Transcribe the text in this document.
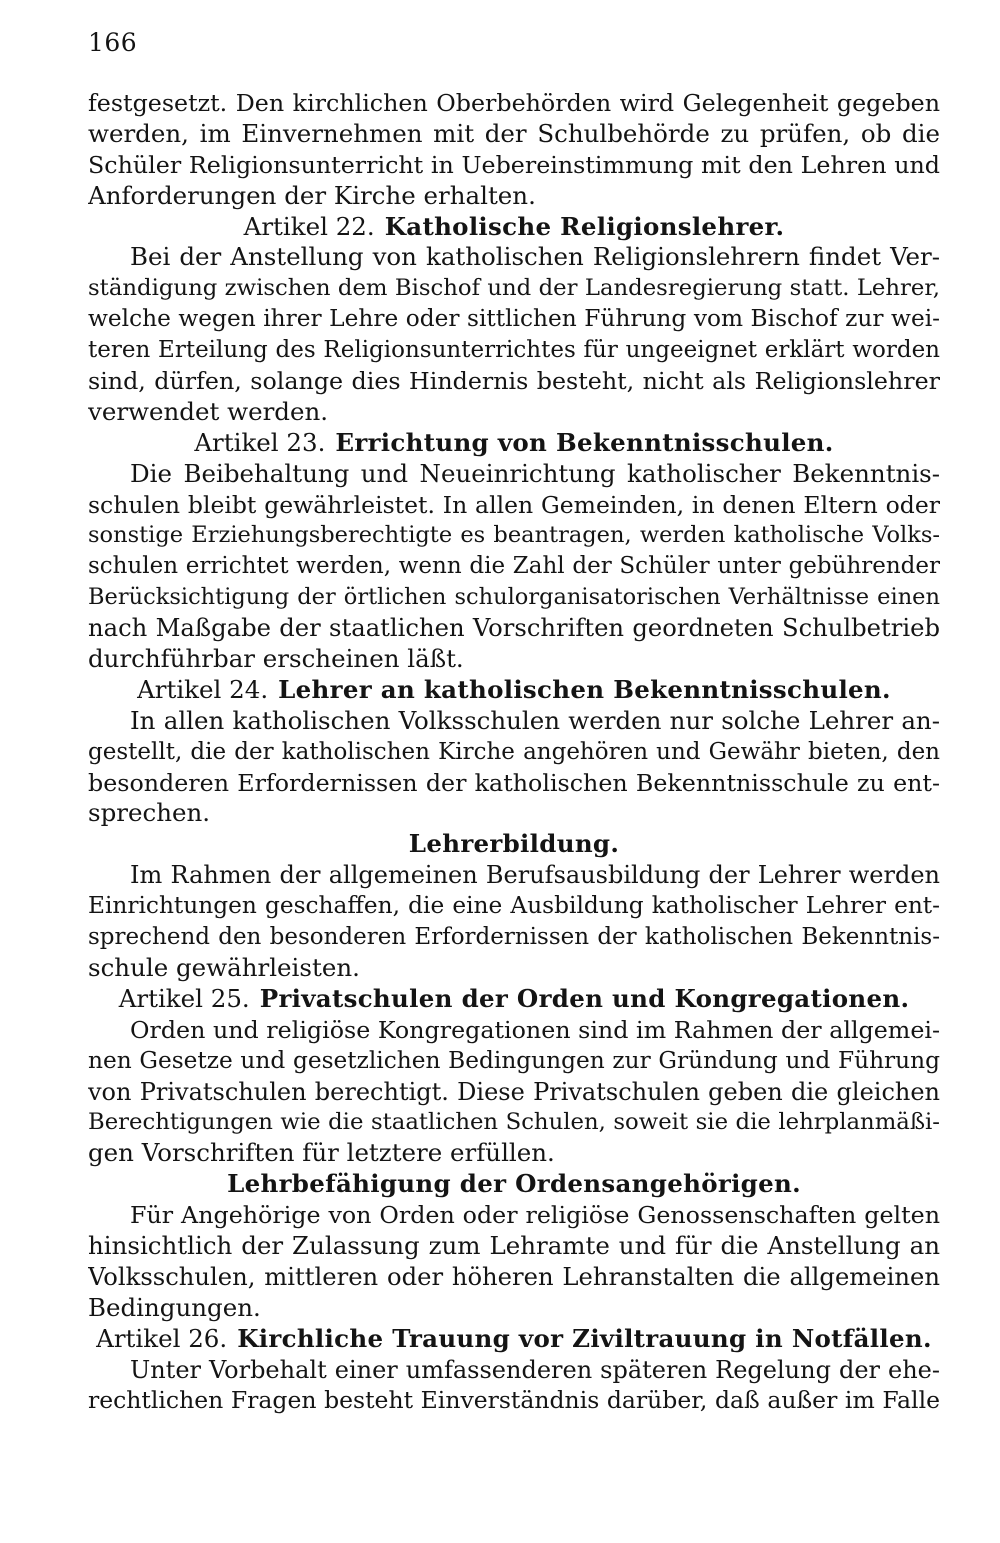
166
festgesetzt. Den kirchlichen Oberbehörden wird Gelegenheit gegeben
werden, im Einvernehmen mit der Schulbehörde zu prüfen, ob die
Schüler Religionsunterricht in Uebereinstimmung mit den Lehren und
Anforderungen der Kirche erhalten.
Artikel 22. Katholische Religionslehrer.
Bei der Anstellung von katholischen Religionslehrern findet Ver-
ständigung zwischen dem Bischof und der Landesregierung statt. Lehrer,
welche wegen ihrer Lehre oder sittlichen Führung vom Bischof zur wei-
teren Erteilung des Religionsunterrichtes für ungeeignet erklärt worden
sind, dürfen, solange dies Hindernis besteht, nicht als Religionslehrer
verwendet werden.
Artikel 23. Errichtung von Bekenntnisschulen.
Die Beibehaltung und Neueinrichtung katholischer Bekenntnis-
schulen bleibt gewährleistet. In allen Gemeinden, in denen Eltern oder
sonstige Erziehungsberechtigte es beantragen, werden katholische Volks-
schulen errichtet werden, wenn die Zahl der Schüler unter gebührender
Berücksichtigung der örtlichen schulorganisatorischen Verhältnisse einen
nach Maßgabe der staatlichen Vorschriften geordneten Schulbetrieb
durchführbar erscheinen läßt.
Artikel 24. Lehrer an katholischen Bekenntnisschulen.
In allen katholischen Volksschulen werden nur solche Lehrer an-
gestellt, die der katholischen Kirche angehören und Gewähr bieten, den
besonderen Erfordernissen der katholischen Bekenntnisschule zu ent-
sprechen.
Lehrerbildung.
Im Rahmen der allgemeinen Berufsausbildung der Lehrer werden
Einrichtungen geschaffen, die eine Ausbildung katholischer Lehrer ent-
sprechend den besonderen Erfordernissen der katholischen Bekenntnis-
schule gewährleisten.
Artikel 25. Privatschulen der Orden und Kongregationen.
Orden und religiöse Kongregationen sind im Rahmen der allgemei-
nen Gesetze und gesetzlichen Bedingungen zur Gründung und Führung
von Privatschulen berechtigt. Diese Privatschulen geben die gleichen
Berechtigungen wie die staatlichen Schulen, soweit sie die lehrplanmäßi-
gen Vorschriften für letztere erfüllen.
Lehrbefähigung der Ordensangehörigen.
Für Angehörige von Orden oder religiöse Genossenschaften gelten
hinsichtlich der Zulassung zum Lehramte und für die Anstellung an
Volksschulen, mittleren oder höheren Lehranstalten die allgemeinen
Bedingungen.
Artikel 26. Kirchliche Trauung vor Ziviltrauung in Notfällen.
Unter Vorbehalt einer umfassenderen späteren Regelung der ehe-
rechtlichen Fragen besteht Einverständnis darüber, daß außer im Falle
